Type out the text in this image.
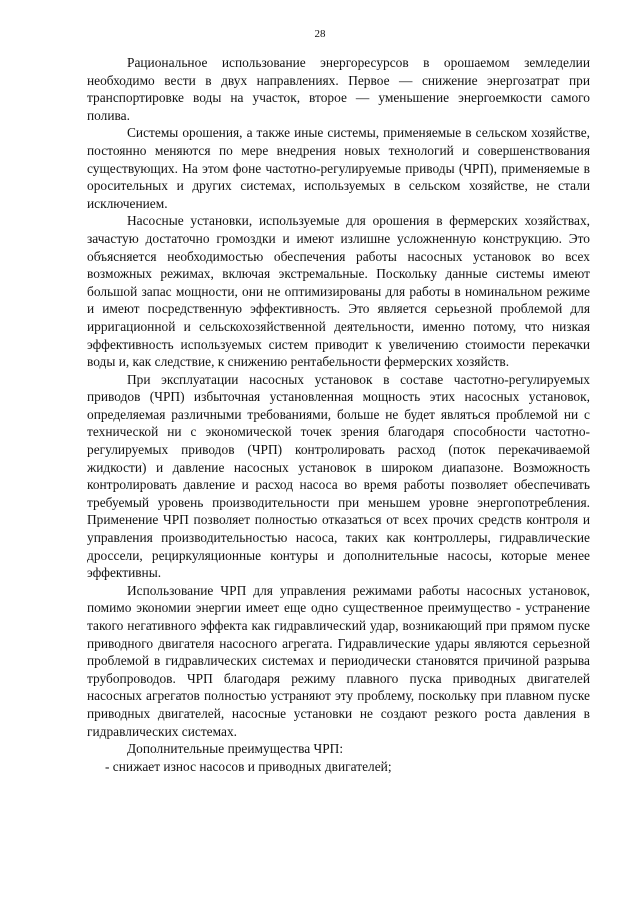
28

Рациональное использование энергоресурсов в орошаемом земледелии необходимо вести в двух направлениях. Первое — снижение энергозатрат при транспортировке воды на участок, второе — уменьшение энергоемкости самого полива.

Системы орошения, а также иные системы, применяемые в сельском хозяйстве, постоянно меняются по мере внедрения новых технологий и совершенствования существующих. На этом фоне частотно-регулируемые приводы (ЧРП), применяемые в оросительных и других системах, используемых в сельском хозяйстве, не стали исключением.

Насосные установки, используемые для орошения в фермерских хозяйствах, зачастую достаточно громоздки и имеют излишне усложненную конструкцию. Это объясняется необходимостью обеспечения работы насосных установок во всех возможных режимах, включая экстремальные. Поскольку данные системы имеют большой запас мощности, они не оптимизированы для работы в номинальном режиме и имеют посредственную эффективность. Это является серьезной проблемой для ирригационной и сельскохозяйственной деятельности, именно потому, что низкая эффективность используемых систем приводит к увеличению стоимости перекачки воды и, как следствие, к снижению рентабельности фермерских хозяйств.

При эксплуатации насосных установок в составе частотно-регулируемых приводов (ЧРП) избыточная установленная мощность этих насосных установок, определяемая различными требованиями, больше не будет являться проблемой ни с технической ни с экономической точек зрения благодаря способности частотно-регулируемых приводов (ЧРП) контролировать расход (поток перекачиваемой жидкости) и давление насосных установок в широком диапазоне. Возможность контролировать давление и расход насоса во время работы позволяет обеспечивать требуемый уровень производительности при меньшем уровне энергопотребления. Применение ЧРП позволяет полностью отказаться от всех прочих средств контроля и управления производительностью насоса, таких как контроллеры, гидравлические дроссели, рециркуляционные контуры и дополнительные насосы, которые менее эффективны.

Использование ЧРП для управления режимами работы насосных установок, помимо экономии энергии имеет еще одно существенное преимущество - устранение такого негативного эффекта как гидравлический удар, возникающий при прямом пуске приводного двигателя насосного агрегата. Гидравлические удары являются серьезной проблемой в гидравлических системах и периодически становятся причиной разрыва трубопроводов. ЧРП благодаря режиму плавного пуска приводных двигателей насосных агрегатов полностью устраняют эту проблему, поскольку при плавном пуске приводных двигателей, насосные установки не создают резкого роста давления в гидравлических системах.

Дополнительные преимущества ЧРП:

- снижает износ насосов и приводных двигателей;
